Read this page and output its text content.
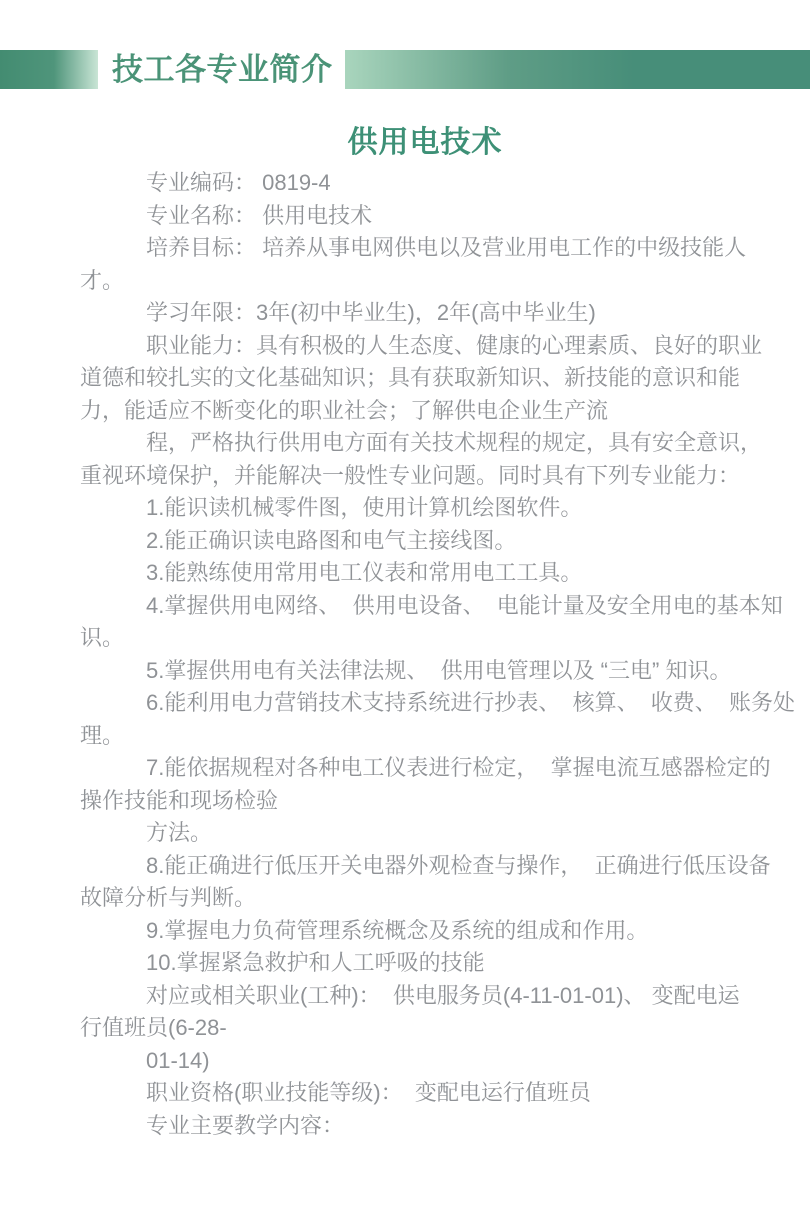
技工各专业简介
供用电技术
专业编码： 0819-4
专业名称： 供用电技术
培养目标： 培养从事电网供电以及营业用电工作的中级技能人
才。
学习年限：3年(初中毕业生)，2年(高中毕业生)
职业能力：具有积极的人生态度、健康的心理素质、良好的职业
道德和较扎实的文化基础知识；具有获取新知识、新技能的意识和能
力，能适应不断变化的职业社会；了解供电企业生产流
程，严格执行供用电方面有关技术规程的规定，具有安全意识，
重视环境保护，并能解决一般性专业问题。同时具有下列专业能力：
1.能识读机械零件图，使用计算机绘图软件。
2.能正确识读电路图和电气主接线图。
3.能熟练使用常用电工仪表和常用电工工具。
4.掌握供用电网络、  供用电设备、  电能计量及安全用电的基本知
识。
5.掌握供用电有关法律法规、  供用电管理以及 “三电” 知识。
6.能利用电力营销技术支持系统进行抄表、  核算、  收费、  账务处
理。
7.能依据规程对各种电工仪表进行检定，  掌握电流互感器检定的
操作技能和现场检验
方法。
8.能正确进行低压开关电器外观检查与操作，  正确进行低压设备
故障分析与判断。
9.掌握电力负荷管理系统概念及系统的组成和作用。
10.掌握紧急救护和人工呼吸的技能
对应或相关职业(工种)：  供电服务员(4-11-01-01)、 变配电运
行值班员(6-28-
01-14)
职业资格(职业技能等级)：  变配电运行值班员
专业主要教学内容：
